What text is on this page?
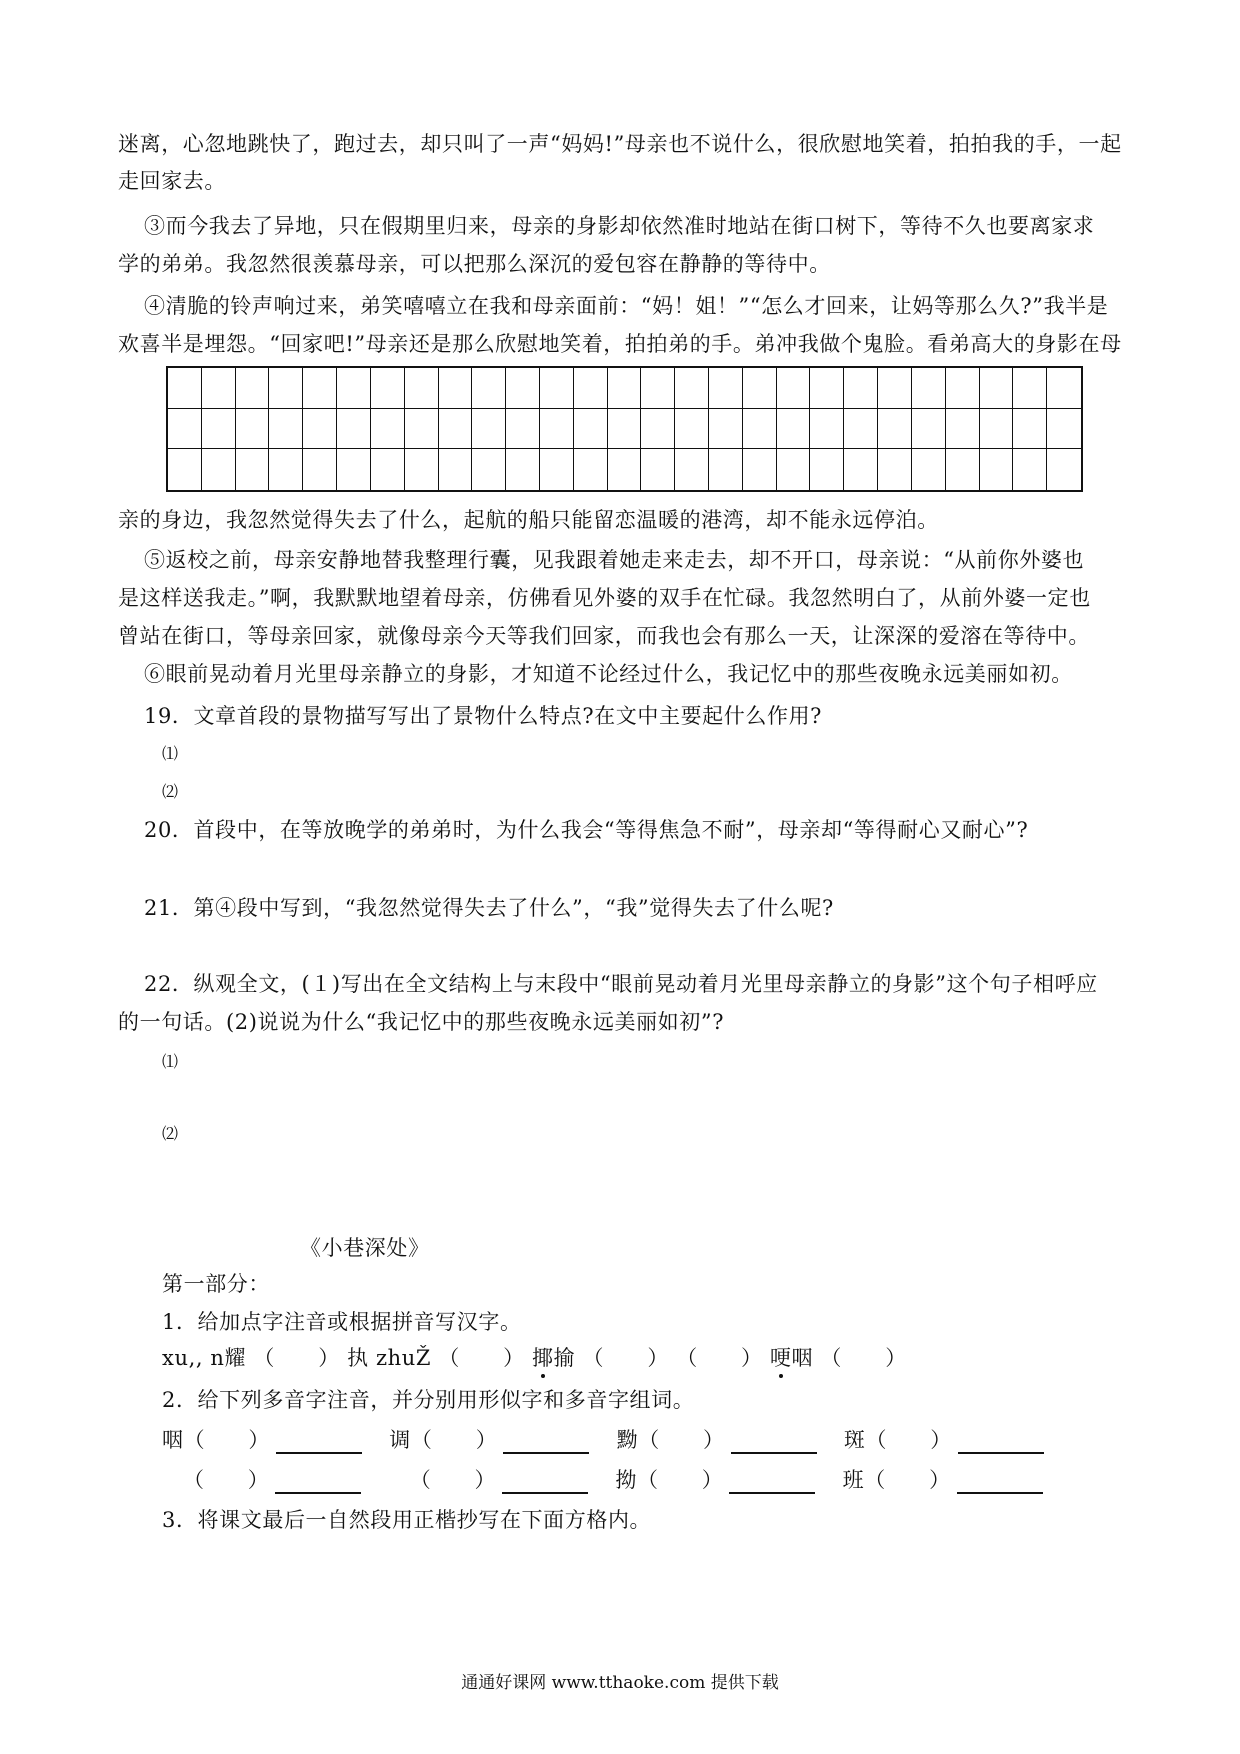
迷离，心忽地跳快了，跑过去，却只叫了一声“妈妈!”母亲也不说什么，很欣慰地笑着，拍拍我的手，一起
走回家去。
③而今我去了异地，只在假期里归来，母亲的身影却依然准时地站在街口树下，等待不久也要离家求
学的弟弟。我忽然很羡慕母亲，可以把那么深沉的爱包容在静静的等待中。
④清脆的铃声响过来，弟笑嘻嘻立在我和母亲面前：“妈！姐！”“怎么才回来，让妈等那么久?”我半是
欢喜半是埋怨。“回家吧!”母亲还是那么欣慰地笑着，拍拍弟的手。弟冲我做个鬼脸。看弟高大的身影在母
亲的身边，我忽然觉得失去了什么，起航的船只能留恋温暖的港湾，却不能永远停泊。
⑤返校之前，母亲安静地替我整理行囊，见我跟着她走来走去，却不开口，母亲说：“从前你外婆也
是这样送我走。”啊，我默默地望着母亲，仿佛看见外婆的双手在忙碌。我忽然明白了，从前外婆一定也
曾站在街口，等母亲回家，就像母亲今天等我们回家，而我也会有那么一天，让深深的爱溶在等待中。
⑥眼前晃动着月光里母亲静立的身影，才知道不论经过什么，我记忆中的那些夜晚永远美丽如初。
19．文章首段的景物描写写出了景物什么特点?在文中主要起什么作用?
⑴
⑵
20．首段中，在等放晚学的弟弟时，为什么我会“等得焦急不耐”，母亲却“等得耐心又耐心”?
21．第④段中写到，“我忽然觉得失去了什么”，“我”觉得失去了什么呢?
22．纵观全文，(１)写出在全文结构上与末段中“眼前晃动着月光里母亲静立的身影”这个句子相呼应
的一句话。(2)说说为什么“我记忆中的那些夜晚永远美丽如初”?
⑴
⑵
《小巷深处》
第一部分：
1．给加点字注音或根据拼音写汉字。
xu,, n耀 （　　） 执 zhuŽ （　　） 揶揄 （　　） （　　） 哽咽 （　　）
2．给下列多音字注音，并分别用形似字和多音字组词。
咽（　　）	调（　　）	黝（　　）	斑（　　）
（　　）	（　　）	拗（　　）	班（　　）
3．将课文最后一自然段用正楷抄写在下面方格内。
通通好课网 www.tthaoke.com 提供下载
